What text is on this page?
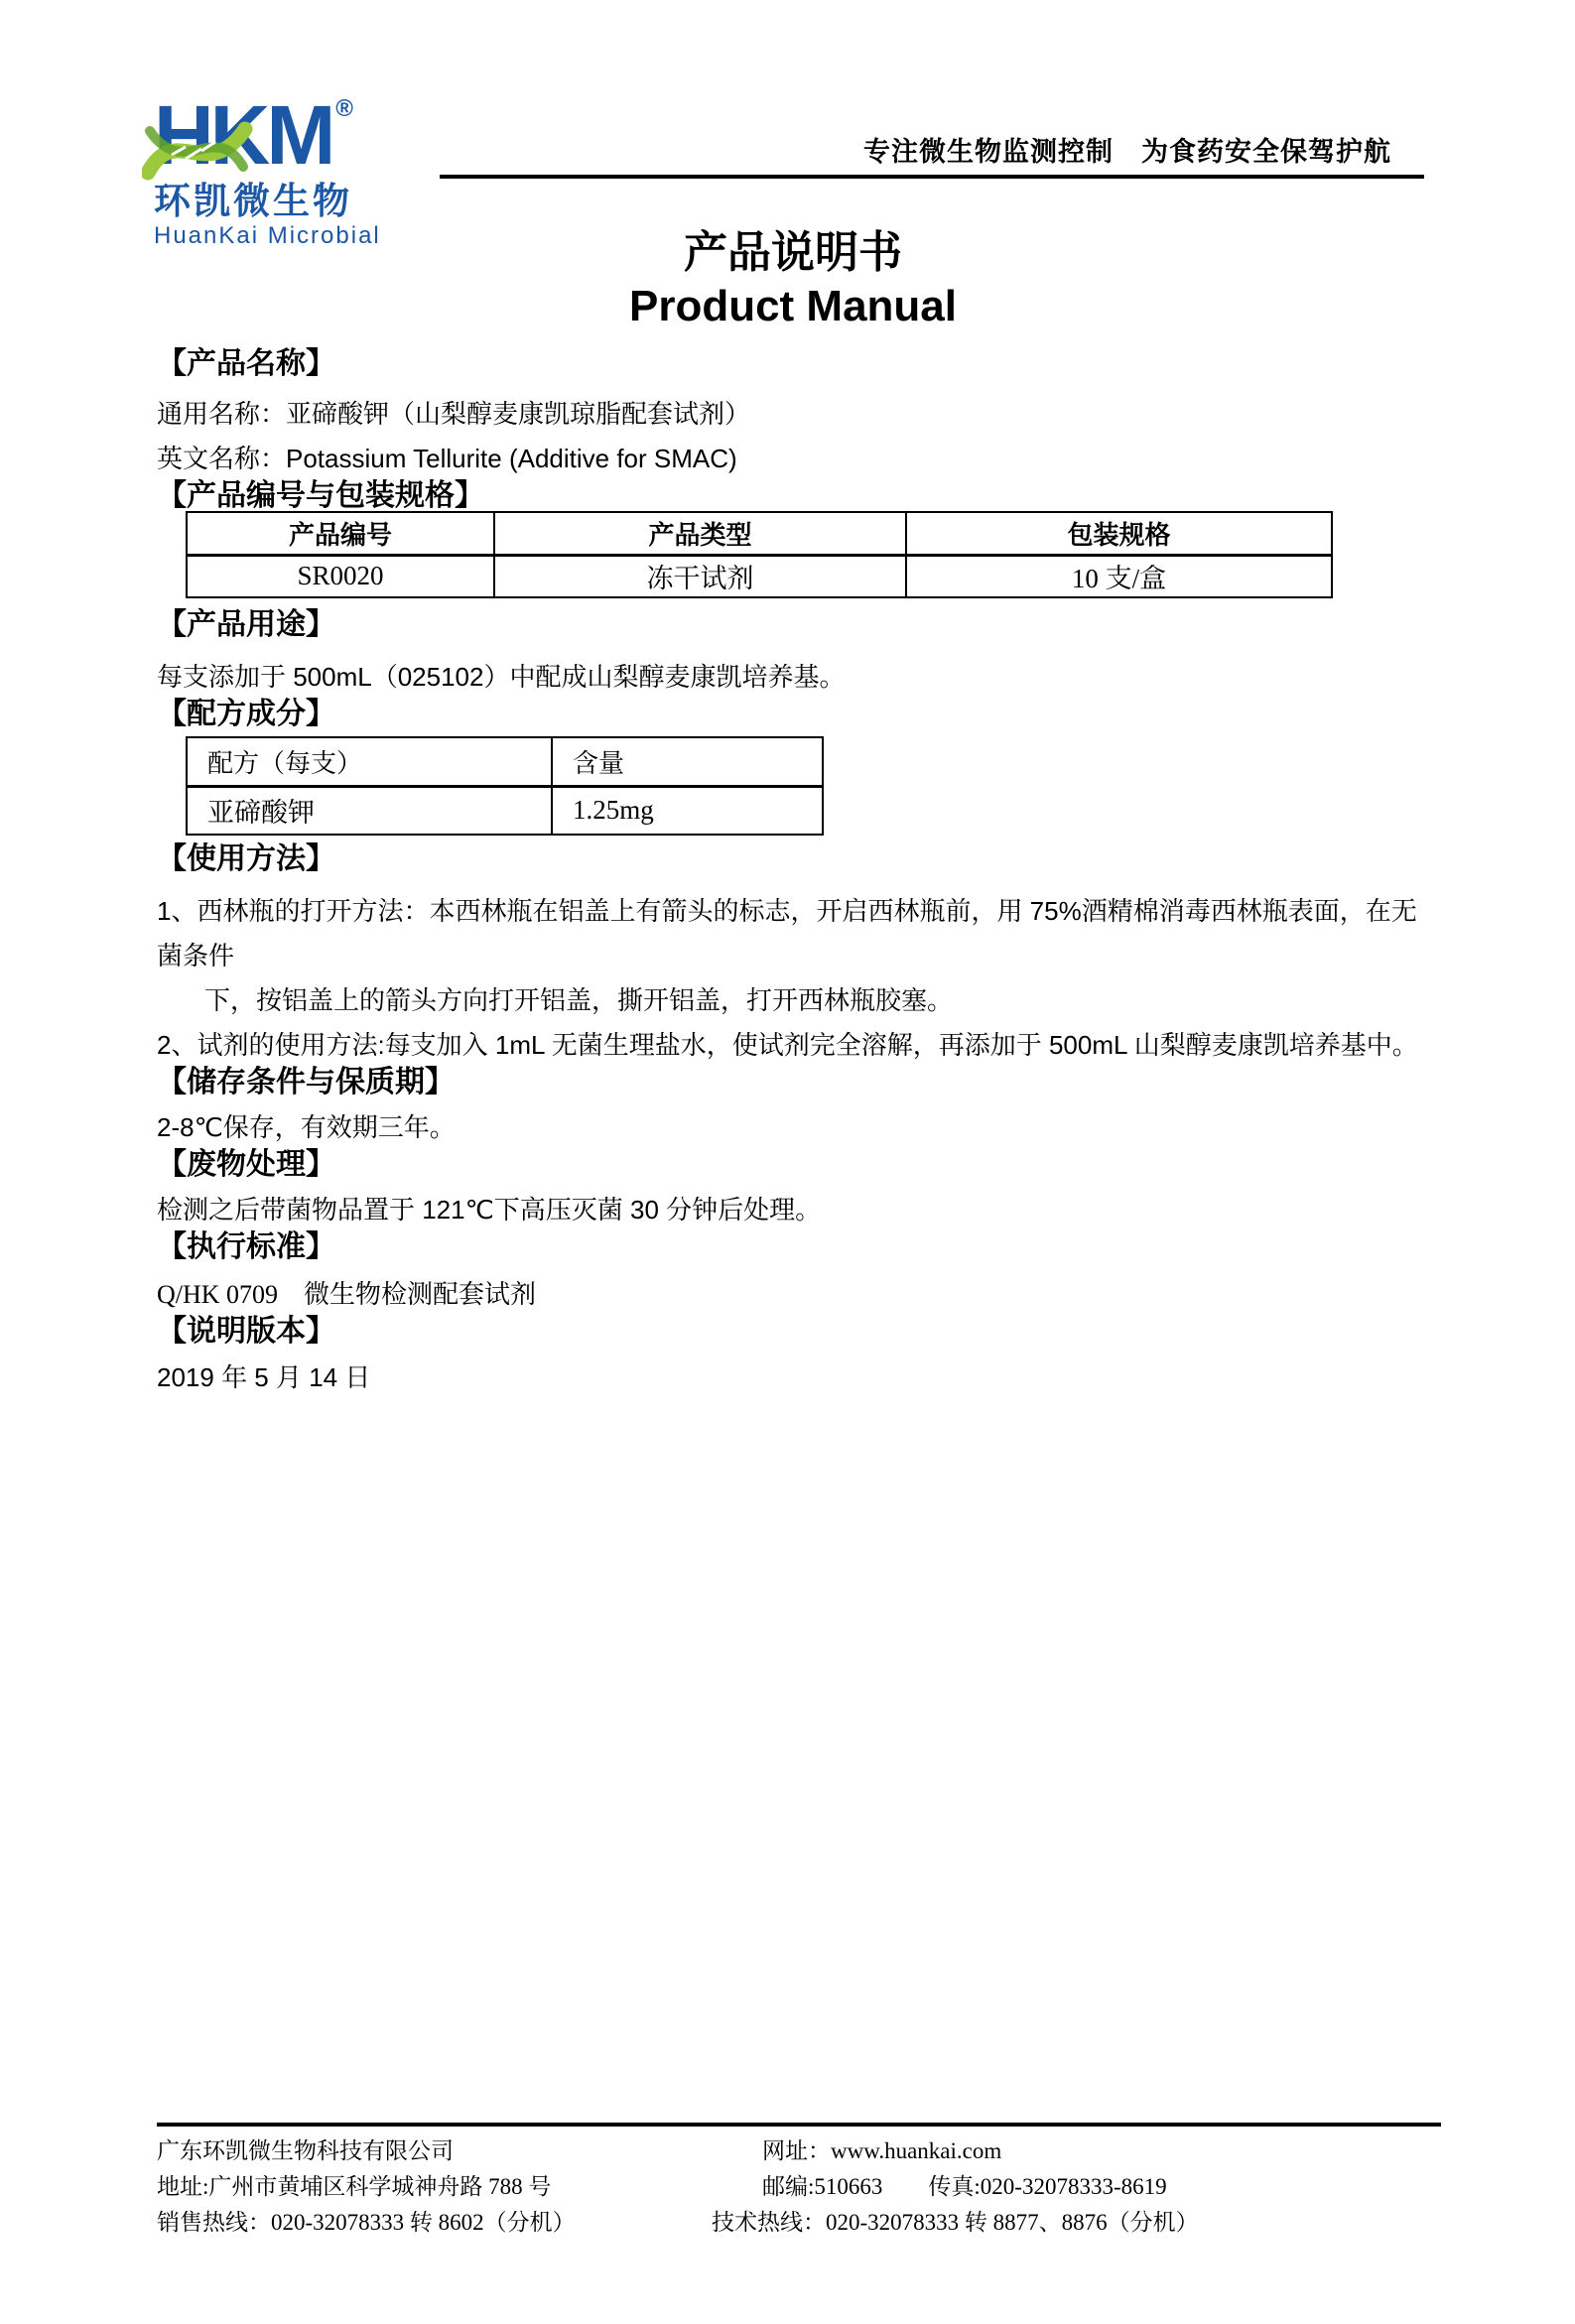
HKM ®
环凯微生物
HuanKai Microbial
专注微生物监测控制　为食药安全保驾护航
产品说明书
Product Manual
【产品名称】
通用名称：亚碲酸钾（山梨醇麦康凯琼脂配套试剂）
英文名称：Potassium Tellurite (Additive for SMAC)
【产品编号与包装规格】
产品编号	产品类型	包装规格
SR0020	冻干试剂	10 支/盒
【产品用途】
每支添加于 500mL（025102）中配成山梨醇麦康凯培养基。
【配方成分】
配方（每支）	含量
亚碲酸钾	1.25mg
【使用方法】
1、西林瓶的打开方法：本西林瓶在铝盖上有箭头的标志，开启西林瓶前，用 75%酒精棉消毒西林瓶表面，在无菌条件
下，按铝盖上的箭头方向打开铝盖，撕开铝盖，打开西林瓶胶塞。
2、试剂的使用方法:每支加入 1mL 无菌生理盐水，使试剂完全溶解，再添加于 500mL 山梨醇麦康凯培养基中。
【储存条件与保质期】
2-8℃保存，有效期三年。
【废物处理】
检测之后带菌物品置于 121℃下高压灭菌 30 分钟后处理。
【执行标准】
Q/HK 0709　微生物检测配套试剂
【说明版本】
2019 年 5 月 14 日
广东环凯微生物科技有限公司
地址:广州市黄埔区科学城神舟路 788 号
销售热线：020-32078333 转 8602（分机）
网址：www.huankai.com
邮编:510663　　传真:020-32078333-8619
技术热线：020-32078333 转 8877、8876（分机）
